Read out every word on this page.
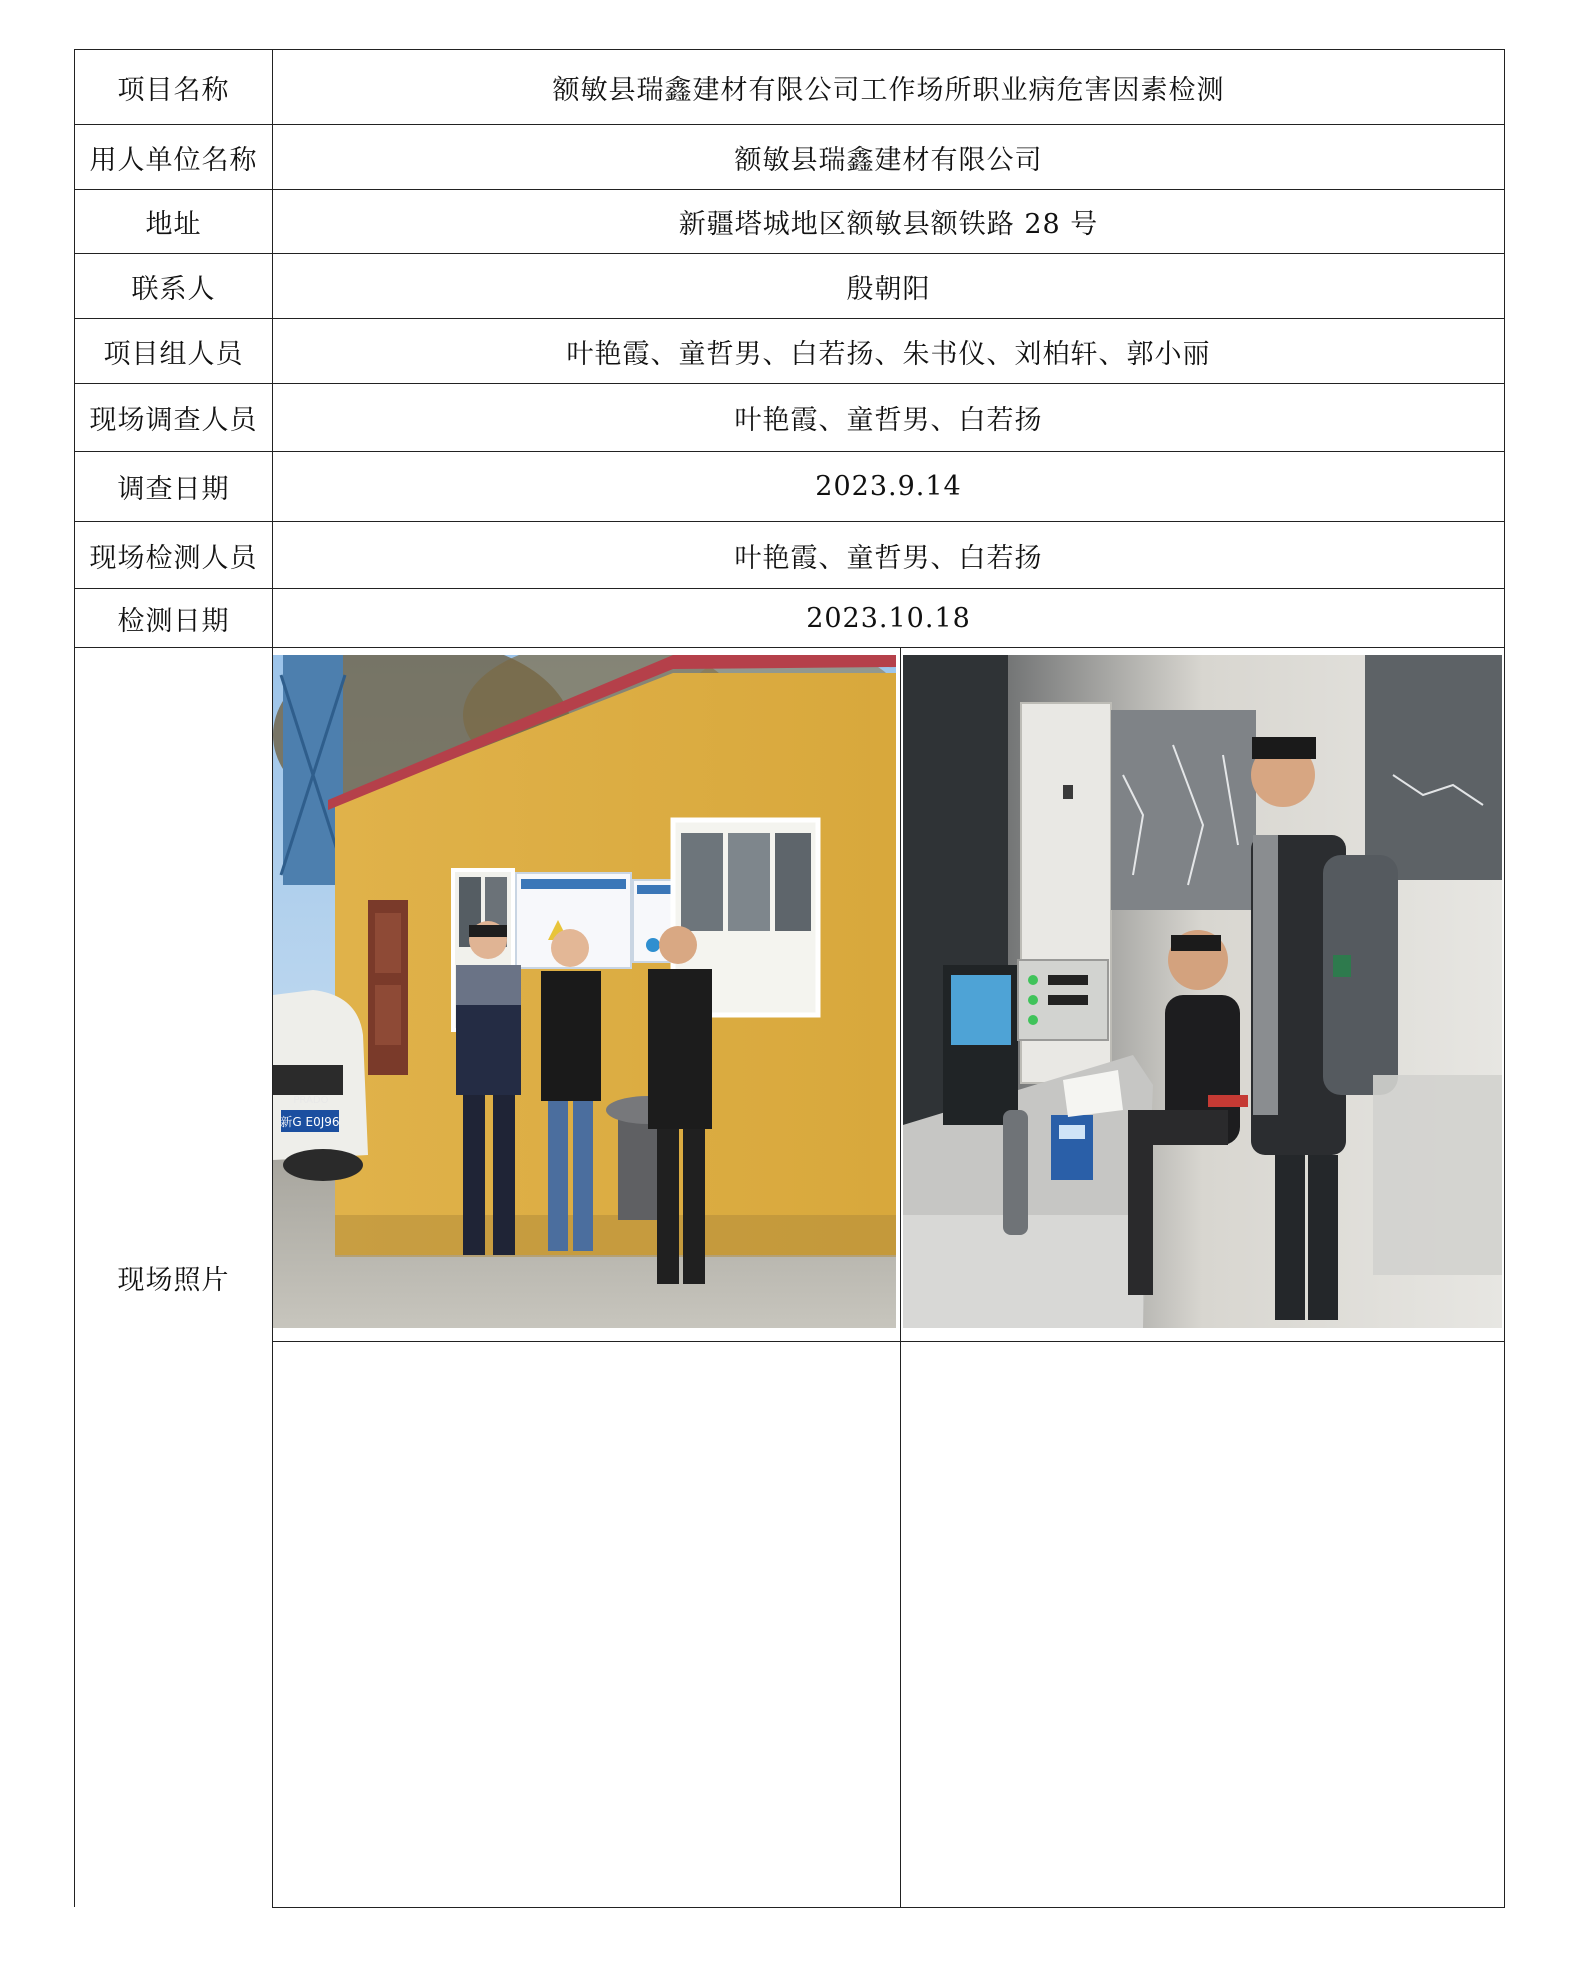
项目名称	额敏县瑞鑫建材有限公司工作场所职业病危害因素检测
用人单位名称	额敏县瑞鑫建材有限公司
地址	新疆塔城地区额敏县额铁路 28 号
联系人	殷朝阳
项目组人员	叶艳霞、童哲男、白若扬、朱书仪、刘柏轩、郭小丽
现场调查人员	叶艳霞、童哲男、白若扬
调查日期	2023.9.14
现场检测人员	叶艳霞、童哲男、白若扬
检测日期	2023.10.18
现场照片
新G E0J96
PRADO
